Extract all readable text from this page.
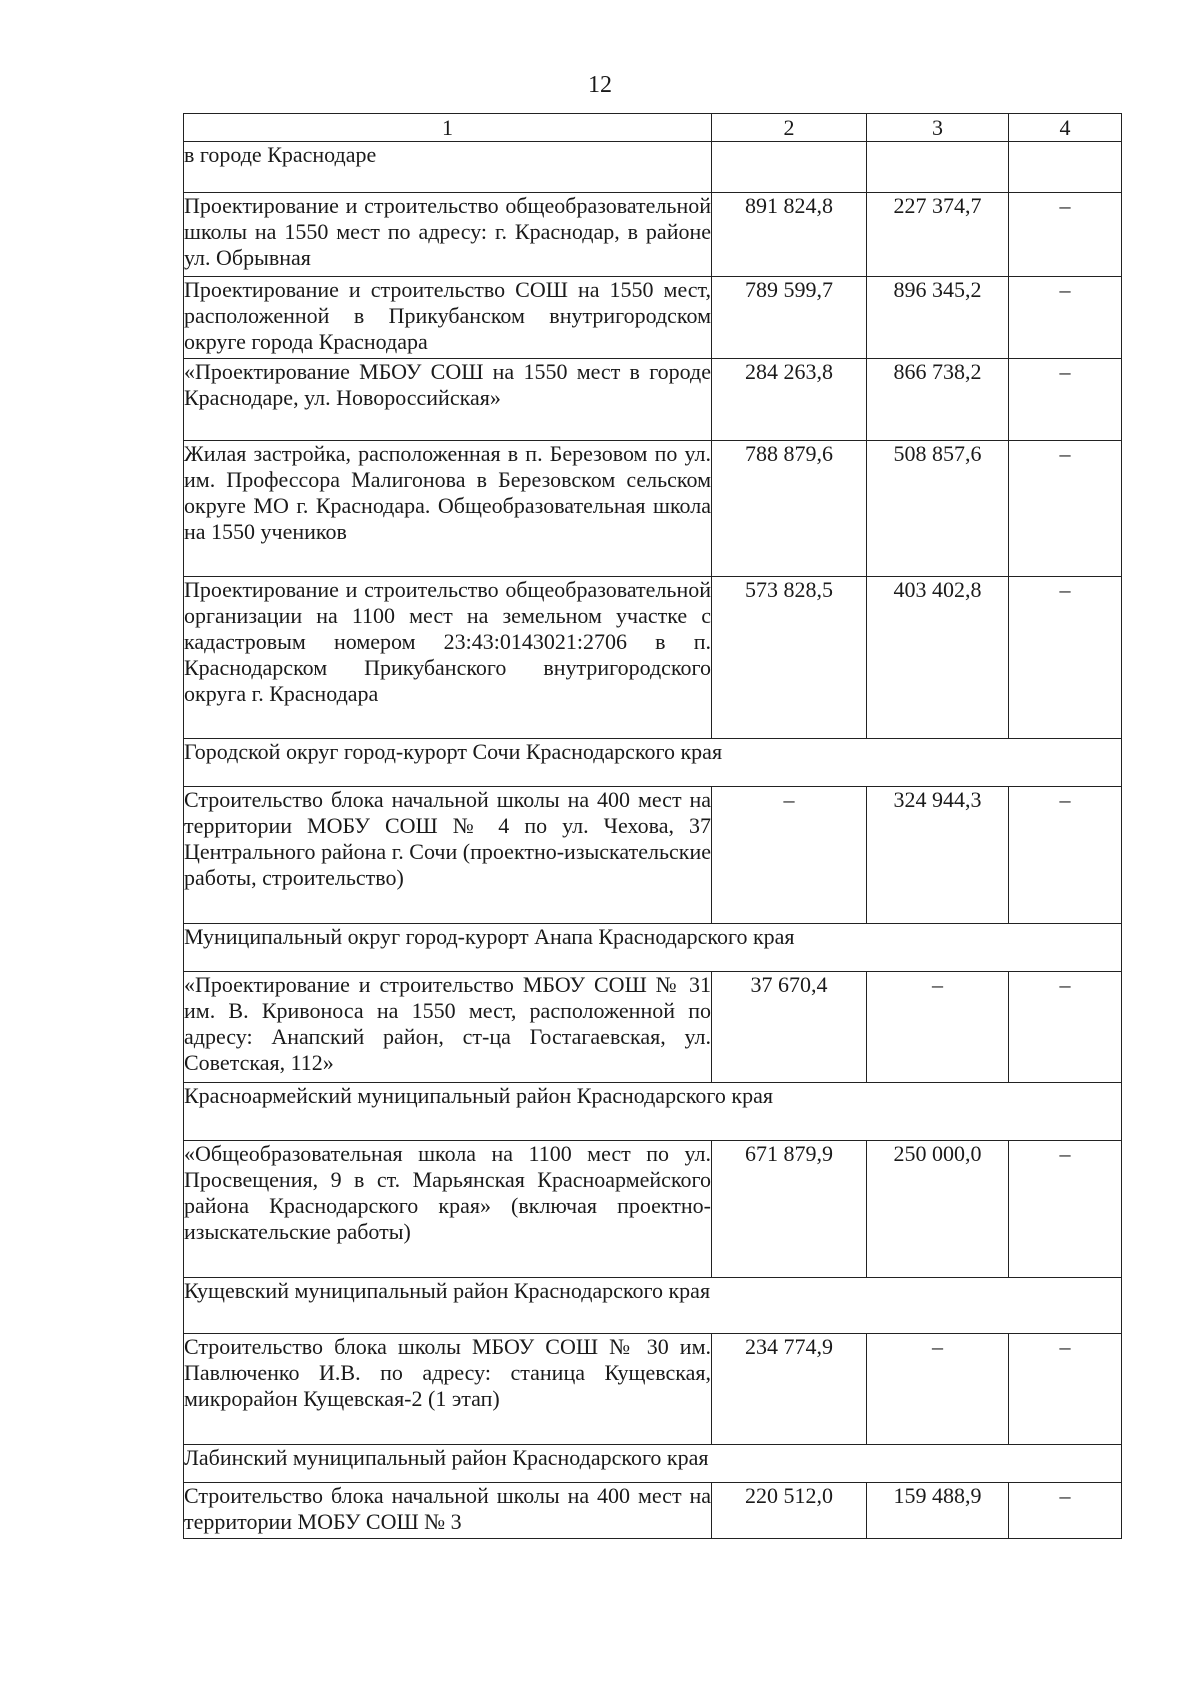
12
1	2	3	4
в городе Краснодаре			
Проектирование и строительство общеобразовательной школы на 1550 мест по адресу: г. Краснодар, в районе ул. Обрывная	891 824,8	227 374,7	–
Проектирование и строительство СОШ на 1550 мест, расположенной в Прикубанском внутригородском округе города Краснодара	789 599,7	896 345,2	–
«Проектирование МБОУ СОШ на 1550 мест в городе Краснодаре, ул. Новороссийская»	284 263,8	866 738,2	–
Жилая застройка, расположенная в п. Березовом по ул. им. Профессора Малигонова в Березовском сельском округе МО г. Краснодара. Общеобразовательная школа на 1550 учеников	788 879,6	508 857,6	–
Проектирование и строительство общеобразовательной организации на 1100 мест на земельном участке с кадастровым номером 23:43:0143021:2706 в п. Краснодарском Прикубанского внутригородского округа г. Краснодара	573 828,5	403 402,8	–
Городской округ город-курорт Сочи Краснодарского края			
Строительство блока начальной школы на 400 мест на территории МОБУ СОШ № 4 по ул. Чехова, 37 Центрального района г. Сочи (проектно-изыскательские работы, строительство)	–	324 944,3	–
Муниципальный округ город-курорт Анапа Краснодарского края			
«Проектирование и строительство МБОУ СОШ № 31 им. В. Кривоноса на 1550 мест, расположенной по адресу: Анапский район, ст-ца Гостагаевская, ул. Советская, 112»	37 670,4	–	–
Красноармейский муниципальный район Краснодарского края			
«Общеобразовательная школа на 1100 мест по ул. Просвещения, 9 в ст. Марьянская Красноармейского района Краснодарского края» (включая проектно-изыскательские работы)	671 879,9	250 000,0	–
Кущевский муниципальный район Краснодарского края			
Строительство блока школы МБОУ СОШ № 30 им. Павлюченко И.В. по адресу: станица Кущевская, микрорайон Кущевская-2 (1 этап)	234 774,9	–	–
Лабинский муниципальный район Краснодарского края			
Строительство блока начальной школы на 400 мест на территории МОБУ СОШ № 3	220 512,0	159 488,9	–
